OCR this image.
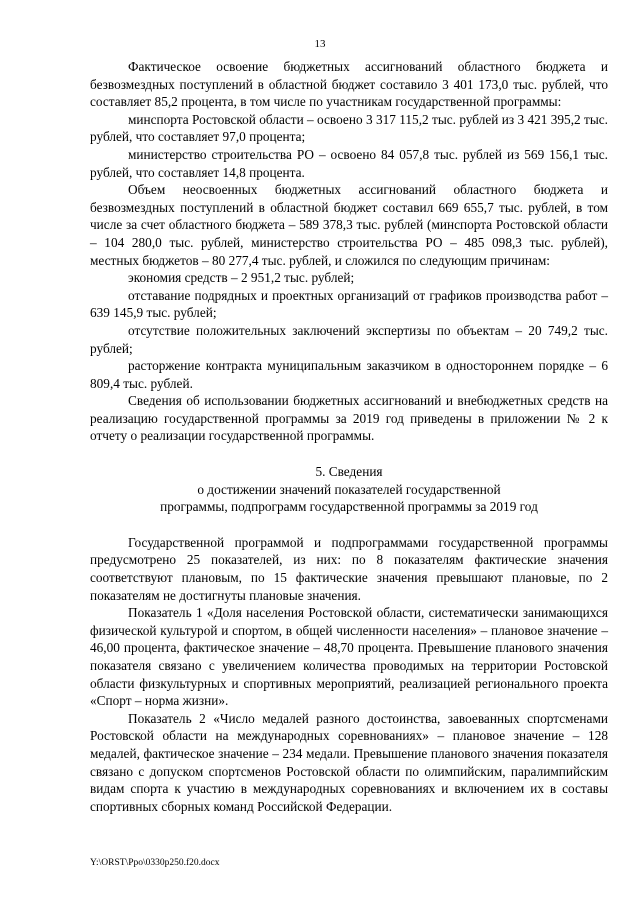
13

Фактическое освоение бюджетных ассигнований областного бюджета и безвозмездных поступлений в областной бюджет составило 3 401 173,0 тыс. рублей, что составляет 85,2 процента, в том числе по участникам государственной программы:

минспорта Ростовской области – освоено 3 317 115,2 тыс. рублей из 3 421 395,2 тыс. рублей, что составляет 97,0 процента;

министерство строительства РО – освоено 84 057,8 тыс. рублей из 569 156,1 тыс. рублей, что составляет 14,8 процента.

Объем неосвоенных бюджетных ассигнований областного бюджета и безвозмездных поступлений в областной бюджет составил 669 655,7 тыс. рублей, в том числе за счет областного бюджета – 589 378,3 тыс. рублей (минспорта Ростовской области – 104 280,0 тыс. рублей, министерство строительства РО – 485 098,3 тыс. рублей), местных бюджетов – 80 277,4 тыс. рублей, и сложился по следующим причинам:

экономия средств – 2 951,2 тыс. рублей;

отставание подрядных и проектных организаций от графиков производства работ – 639 145,9 тыс. рублей;

отсутствие положительных заключений экспертизы по объектам – 20 749,2 тыс. рублей;

расторжение контракта муниципальным заказчиком в одностороннем порядке – 6 809,4 тыс. рублей.

Сведения об использовании бюджетных ассигнований и внебюджетных средств на реализацию государственной программы за 2019 год приведены в приложении № 2 к отчету о реализации государственной программы.

5. Сведения

о достижении значений показателей государственной

программы, подпрограмм государственной программы за 2019 год

Государственной программой и подпрограммами государственной программы предусмотрено 25 показателей, из них: по 8 показателям фактические значения соответствуют плановым, по 15 фактические значения превышают плановые, по 2 показателям не достигнуты плановые значения.

Показатель 1 «Доля населения Ростовской области, систематически занимающихся физической культурой и спортом, в общей численности населения» – плановое значение – 46,00 процента, фактическое значение – 48,70 процента. Превышение планового значения показателя связано с увеличением количества проводимых на территории Ростовской области физкультурных и спортивных мероприятий, реализацией регионального проекта «Спорт – норма жизни».

Показатель 2 «Число медалей разного достоинства, завоеванных спортсменами Ростовской области на международных соревнованиях» – плановое значение – 128 медалей, фактическое значение – 234 медали. Превышение планового значения показателя связано с допуском спортсменов Ростовской области по олимпийским, паралимпийским видам спорта к участию в международных соревнованиях и включением их в составы спортивных сборных команд Российской Федерации.

Y:\ORST\Ppo\0330p250.f20.docx
